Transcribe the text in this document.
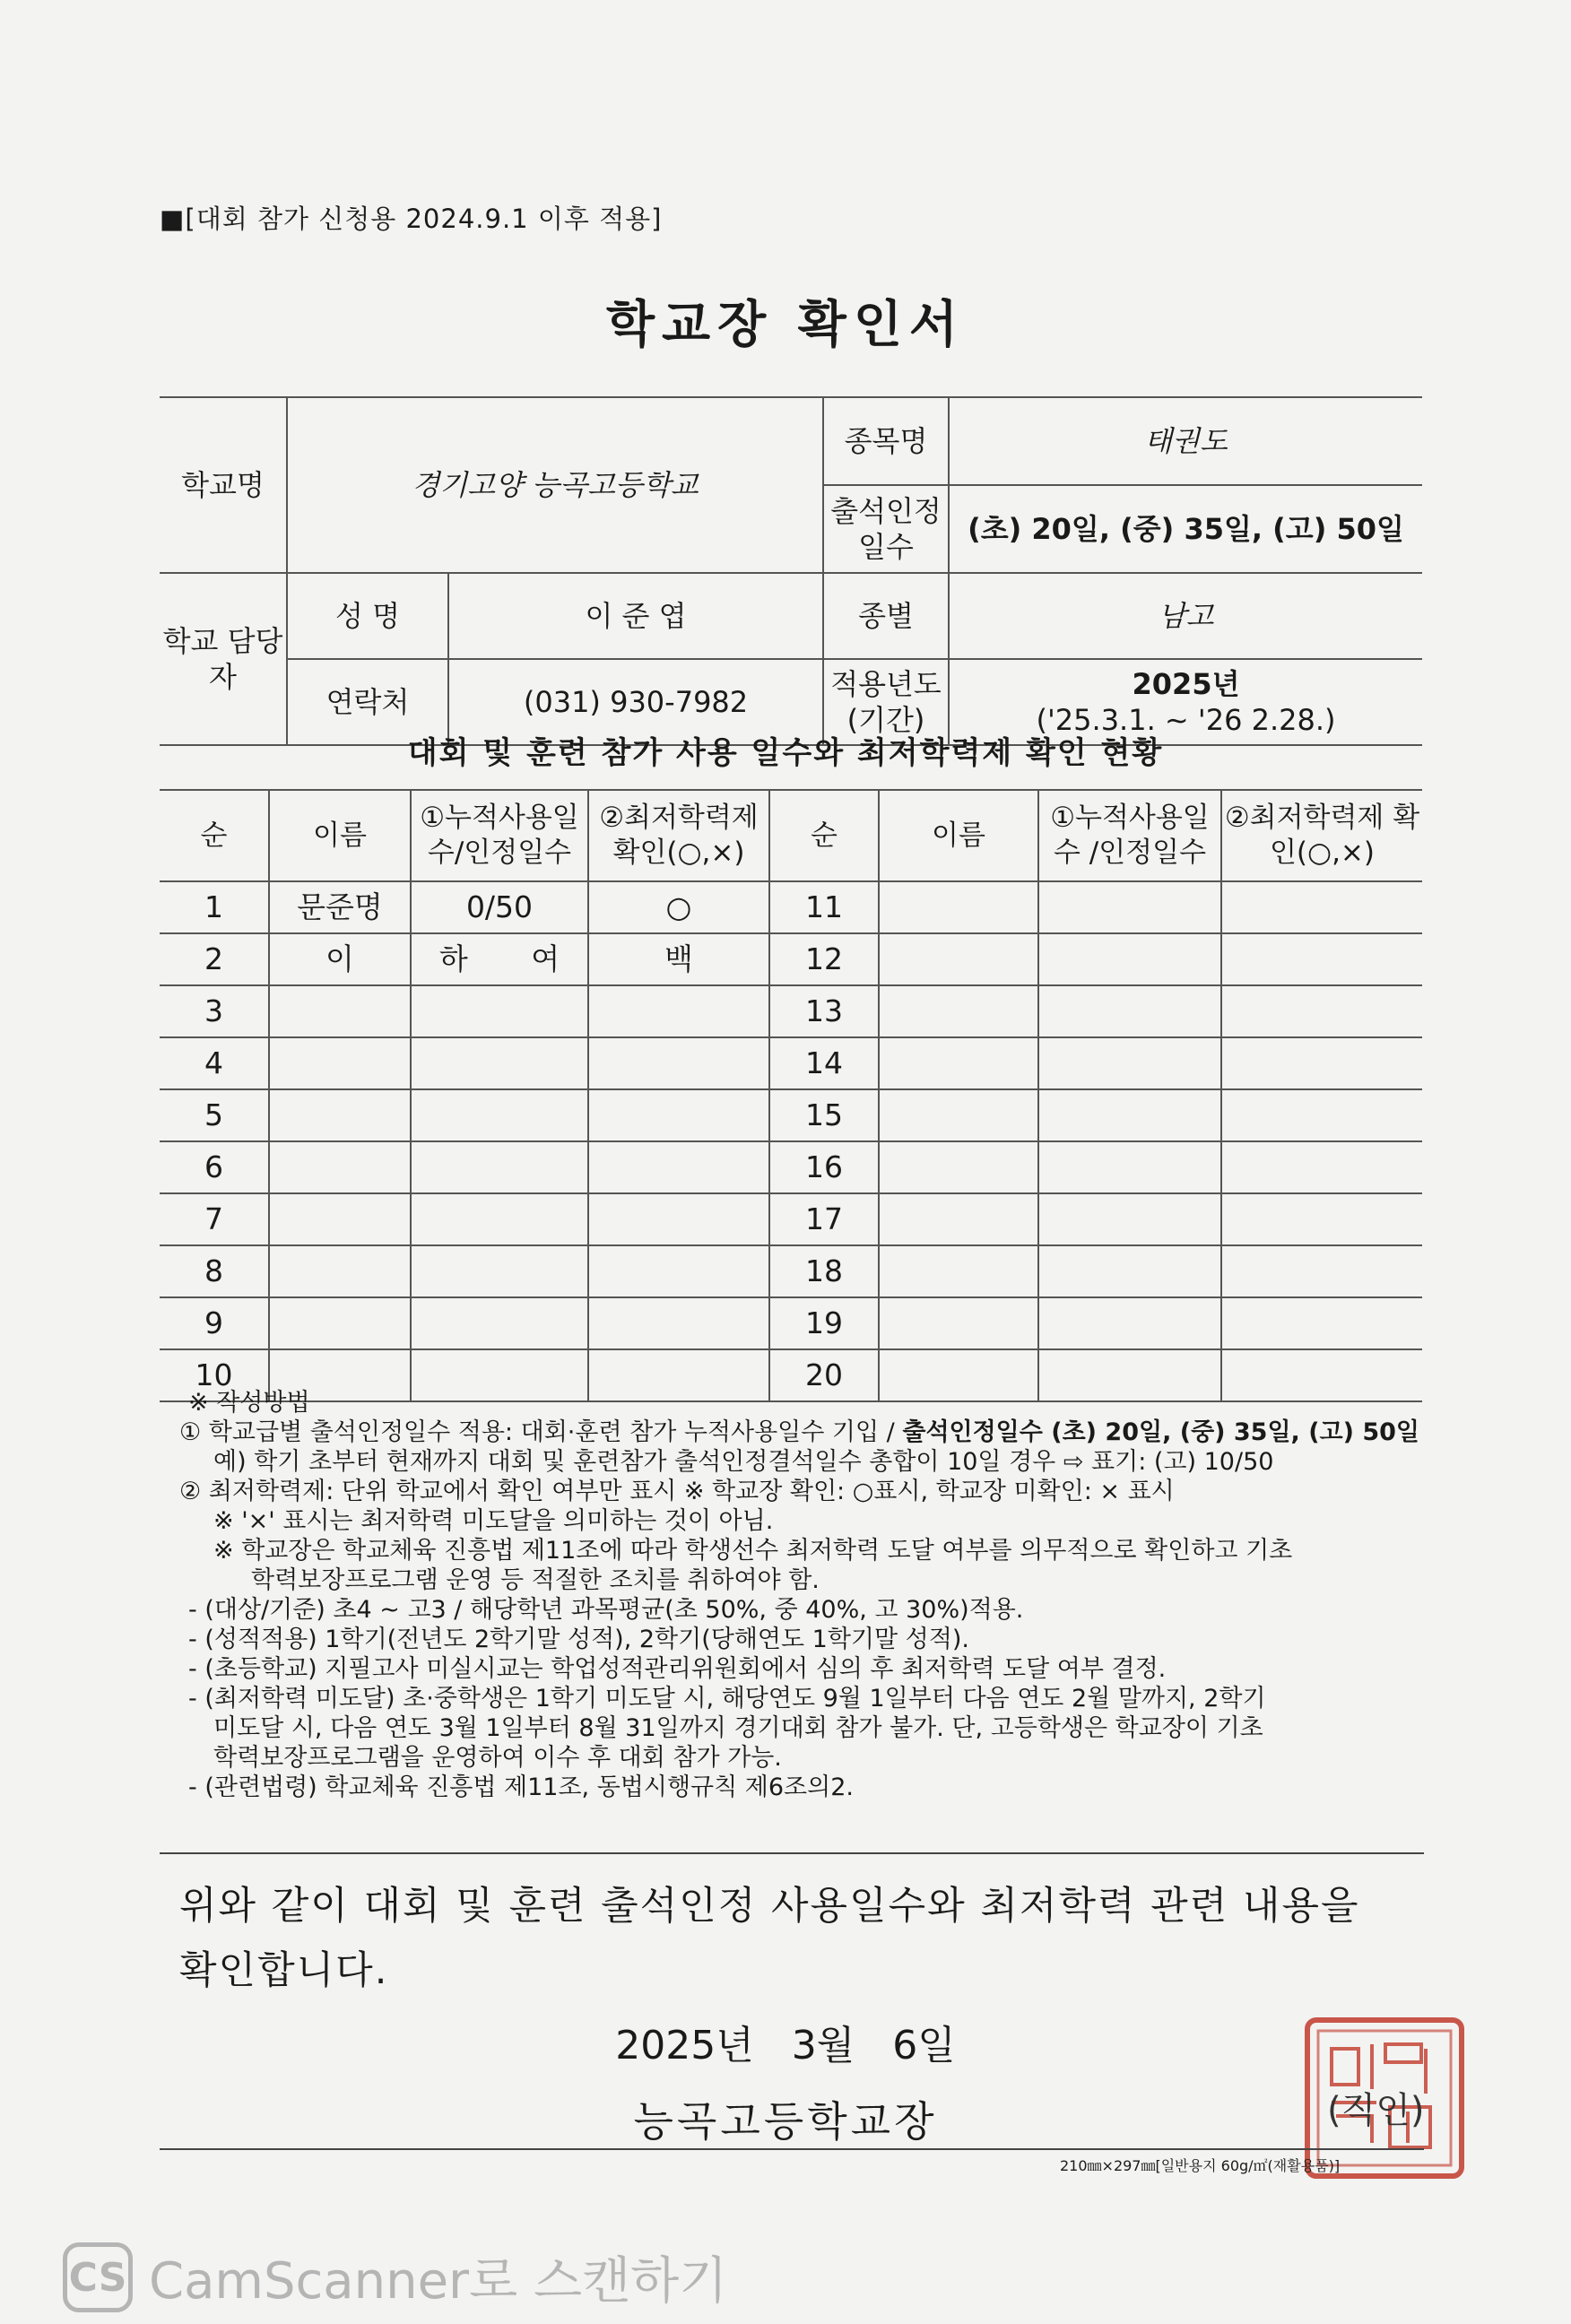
■[대회 참가 신청용 2024.9.1 이후 적용]
학교장 확인서
학교명	경기고양 능곡고등학교		종목명	태권도
			출석인정 일수	(초) 20일, (중) 35일, (고) 50일
학교 담당자	성 명	이 준 엽	종별	남고
	연락처	(031) 930-7982	적용년도 (기간)	2025년
('25.3.1. ~ '26 2.28.)
대회 및 훈련 참가 사용 일수와 최저학력제 확인 현황
순	이름	①누적사용일수/인정일수	②최저학력제 확인(○,×)	순	이름	①누적사용일수 /인정일수	②최저학력제 확인(○,×)
1	문준명	0/50	○	11			
2	이	하 여	백	12			
3				13			
4				14			
5				15			
6				16			
7				17			
8				18			
9				19			
10				20			

※ 작성방법

① 학교급별 출석인정일수 적용: 대회·훈련 참가 누적사용일수 기입 / 출석인정일수 (초) 20일, (중) 35일, (고) 50일

예) 학기 초부터 현재까지 대회 및 훈련참가 출석인정결석일수 총합이 10일 경우 ⇨ 표기: (고) 10/50

② 최저학력제: 단위 학교에서 확인 여부만 표시 ※ 학교장 확인: ○표시, 학교장 미확인: × 표시

※ '×' 표시는 최저학력 미도달을 의미하는 것이 아님.

※ 학교장은 학교체육 진흥법 제11조에 따라 학생선수 최저학력 도달 여부를 의무적으로 확인하고 기초

학력보장프로그램 운영 등 적절한 조치를 취하여야 함.

- (대상/기준) 초4 ~ 고3 / 해당학년 과목평균(초 50%, 중 40%, 고 30%)적용.

- (성적적용) 1학기(전년도 2학기말 성적), 2학기(당해연도 1학기말 성적).

- (초등학교) 지필고사 미실시교는 학업성적관리위원회에서 심의 후 최저학력 도달 여부 결정.

- (최저학력 미도달) 초·중학생은 1학기 미도달 시, 해당연도 9월 1일부터 다음 연도 2월 말까지, 2학기

미도달 시, 다음 연도 3월 1일부터 8월 31일까지 경기대회 참가 불가. 단, 고등학생은 학교장이 기초

학력보장프로그램을 운영하여 이수 후 대회 참가 가능.

- (관련법령) 학교체육 진흥법 제11조, 동법시행규칙 제6조의2.

위와 같이 대회 및 훈련 출석인정 사용일수와 최저학력 관련 내용을
확인합니다.
2025년   3월   6일
능곡고등학교장	(직인)
210㎜×297㎜[일반용지 60g/㎡(재활용품)]
CS CamScanner로 스캔하기
